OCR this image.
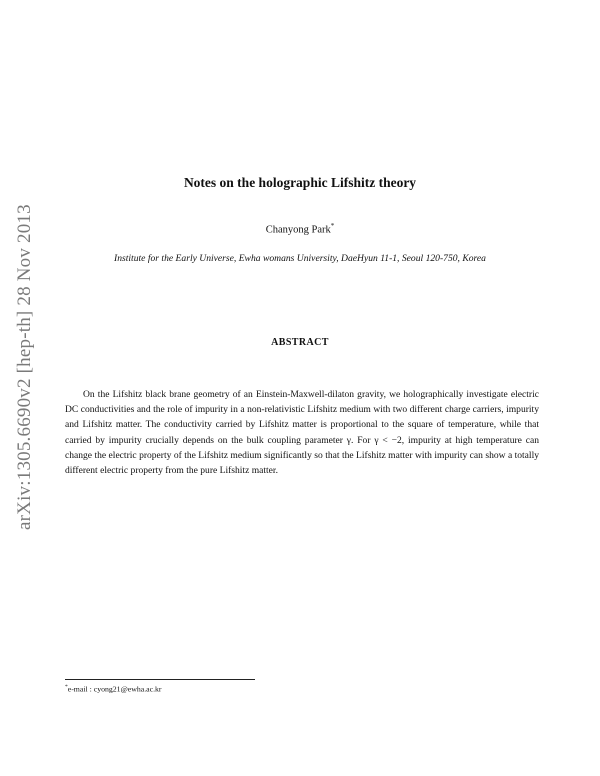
arXiv:1305.6690v2 [hep-th] 28 Nov 2013
Notes on the holographic Lifshitz theory
Chanyong Park*
Institute for the Early Universe, Ewha womans University, DaeHyun 11-1, Seoul 120-750, Korea
ABSTRACT

On the Lifshitz black brane geometry of an Einstein-Maxwell-dilaton gravity, we holographically investigate electric DC conductivities and the role of impurity in a non-relativistic Lifshitz medium with two different charge carriers, impurity and Lifshitz matter. The conductivity carried by Lifshitz matter is proportional to the square of temperature, while that carried by impurity crucially depends on the bulk coupling parameter γ. For γ < −2, impurity at high temperature can change the electric property of the Lifshitz medium significantly so that the Lifshitz matter with impurity can show a totally different electric property from the pure Lifshitz matter.

*e-mail : cyong21@ewha.ac.kr
